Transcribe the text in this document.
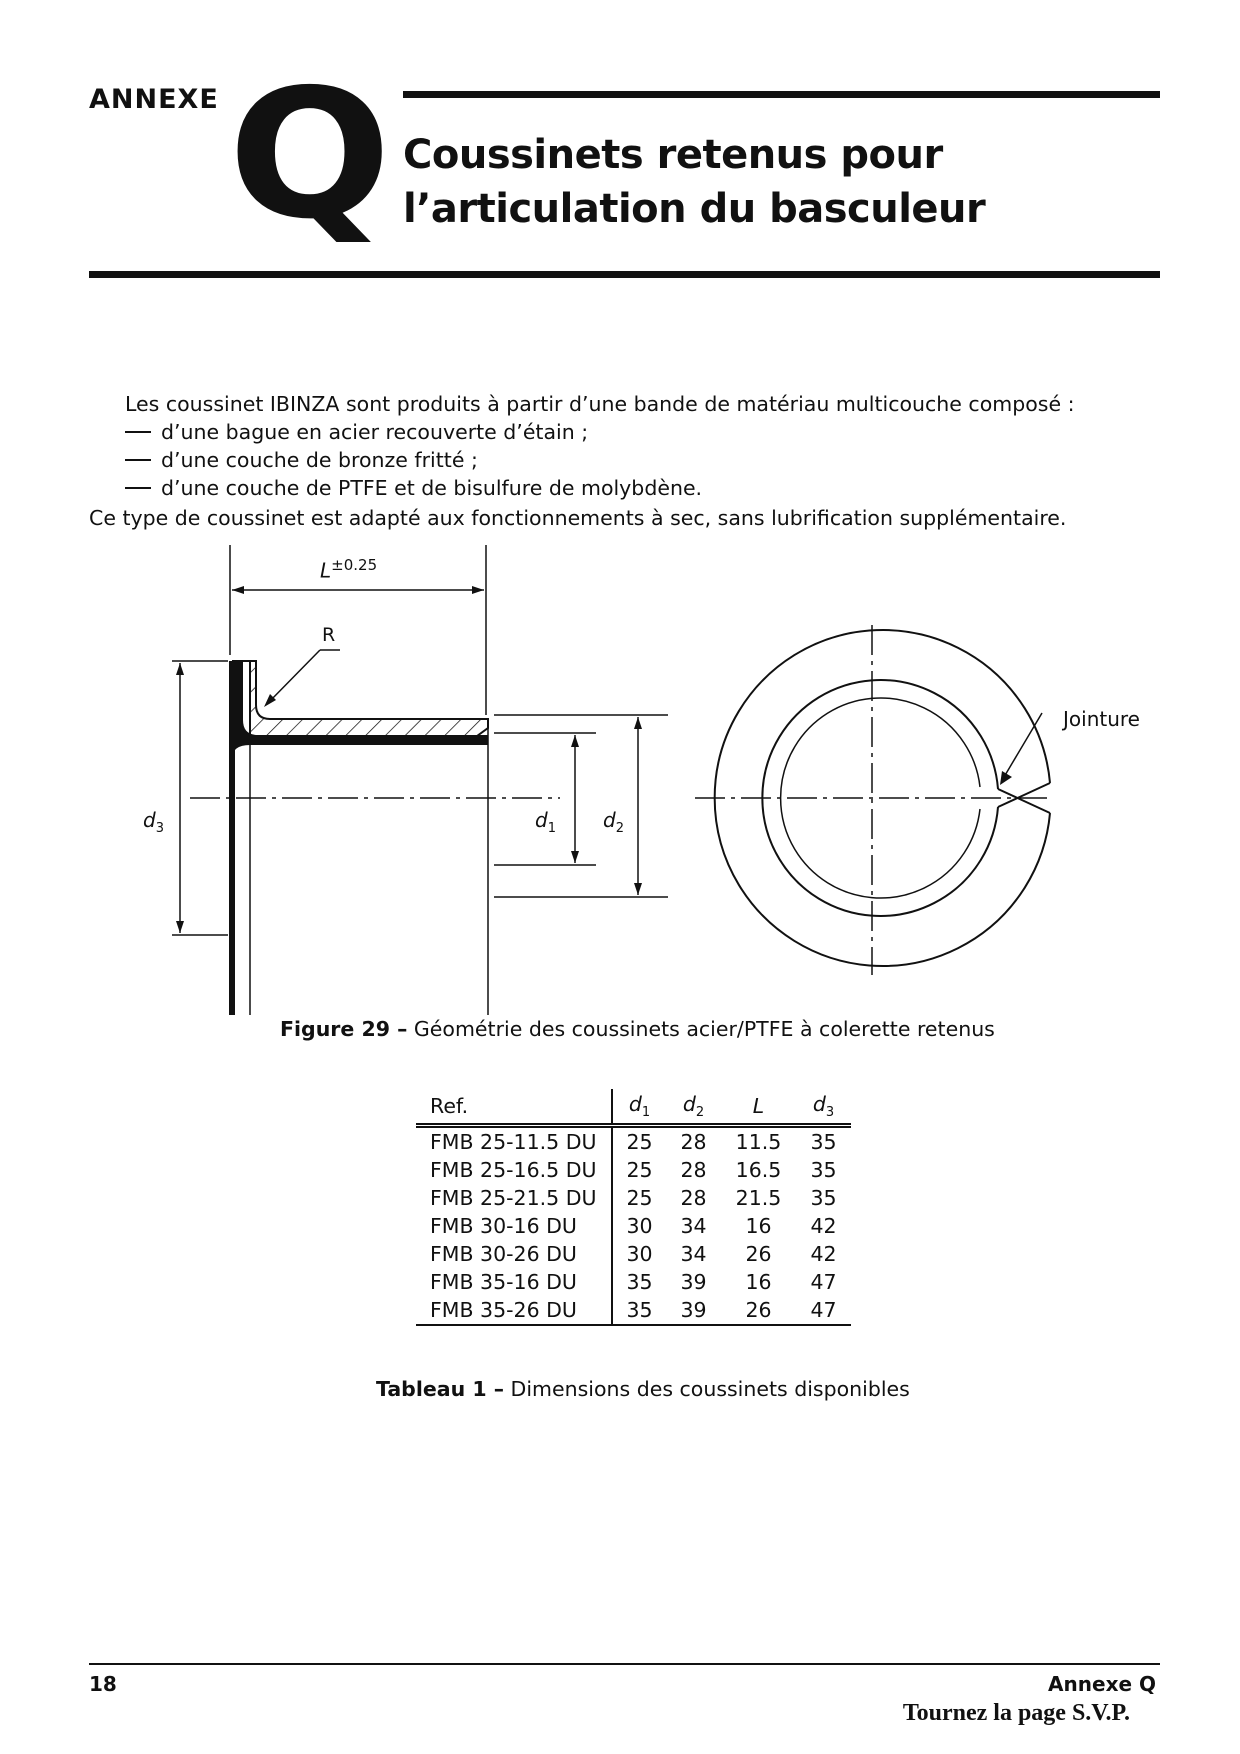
ANNEXE Q Coussinets retenus pour
l’articulation du basculeur
Les coussinet IBINZA sont produits à partir d’une bande de matériau multicouche composé :
d’une bague en acier recouverte d’étain ;
d’une couche de bronze fritté ;
d’une couche de PTFE et de bisulfure de molybdène.
Ce type de coussinet est adapté aux fonctionnements à sec, sans lubrification supplémentaire.
$L^{\pm 0.25}$
R
$d_3$	$d_1$ $d_2$
Jointure
Figure 29 – Géométrie des coussinets acier/PTFE à colerette retenus
Ref.	$d_1$	$d_2$	L	$d_3$
FMB 25-11.5 DU	25	28	11.5	35
FMB 25-16.5 DU	25	28	16.5	35
FMB 25-21.5 DU	25	28	21.5	35
FMB 30-16 DU	30	34	16	42
FMB 30-26 DU	30	34	26	42
FMB 35-16 DU	35	39	16	47
FMB 35-26 DU	35	39	26	47
Tableau 1 – Dimensions des coussinets disponibles
18	Annexe Q
Tournez la page S.V.P.
